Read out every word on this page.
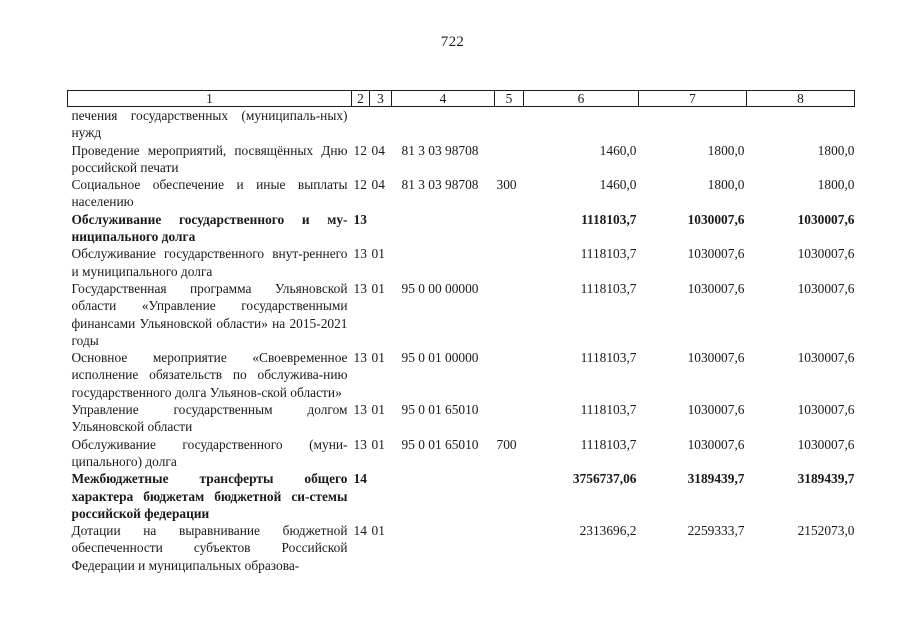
722
1	2	3	4	5	6	7	8
печения государственных (муниципаль-ных) нужд							
Проведение мероприятий, посвящённых Дню российской печати	12	04	81 3 03 98708		1460,0	1800,0	1800,0
Социальное обеспечение и иные выплаты населению	12	04	81 3 03 98708	300	1460,0	1800,0	1800,0
Обслуживание государственного и му-ниципального долга	13				1118103,7	1030007,6	1030007,6
Обслуживание государственного внут-реннего и муниципального долга	13	01			1118103,7	1030007,6	1030007,6
Государственная программа Ульяновской области «Управление государственными финансами Ульяновской области» на 2015-2021 годы	13	01	95 0 00 00000		1118103,7	1030007,6	1030007,6
Основное мероприятие «Своевременное исполнение обязательств по обслужива-нию государственного долга Ульянов-ской области»	13	01	95 0 01 00000		1118103,7	1030007,6	1030007,6
Управление государственным долгом Ульяновской области	13	01	95 0 01 65010		1118103,7	1030007,6	1030007,6
Обслуживание государственного (муни-ципального) долга	13	01	95 0 01 65010	700	1118103,7	1030007,6	1030007,6
Межбюджетные трансферты общего характера бюджетам бюджетной си-стемы российской федерации	14				3756737,06	3189439,7	3189439,7
Дотации на выравнивание бюджетной обеспеченности субъектов Российской Федерации и муниципальных образова-	14	01			2313696,2	2259333,7	2152073,0
